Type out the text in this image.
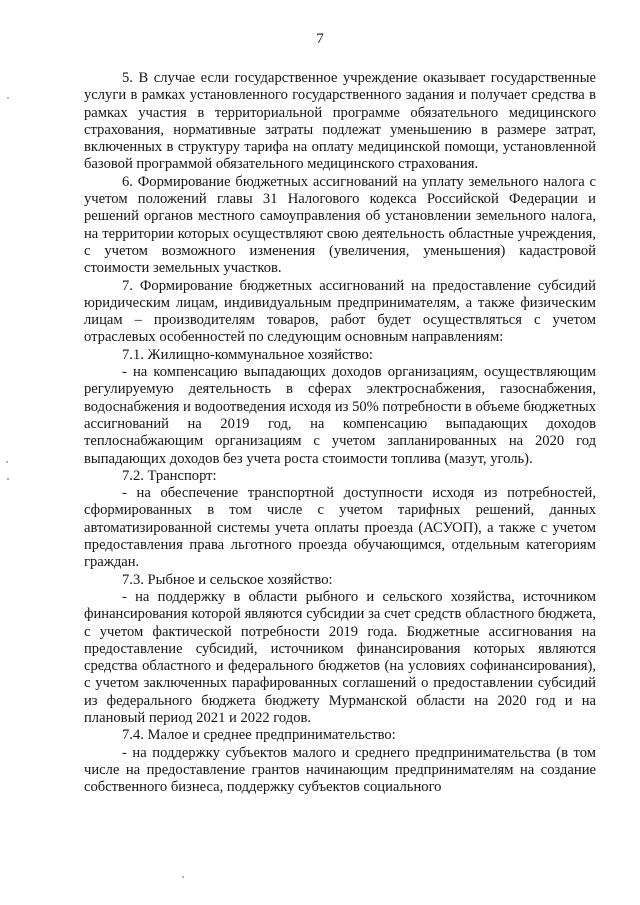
7

5. В случае если государственное учреждение оказывает государственные услуги в рамках установленного государственного задания и получает средства в рамках участия в территориальной программе обязательного медицинского страхования, нормативные затраты подлежат уменьшению в размере затрат, включенных в структуру тарифа на оплату медицинской помощи, установленной базовой программой обязательного медицинского страхования.

6. Формирование бюджетных ассигнований на уплату земельного налога с учетом положений главы 31 Налогового кодекса Российской Федерации и решений органов местного самоуправления об установлении земельного налога, на территории которых осуществляют свою деятельность областные учреждения, с учетом возможного изменения (увеличения, уменьшения) кадастровой стоимости земельных участков.

7. Формирование бюджетных ассигнований на предоставление субсидий юридическим лицам, индивидуальным предпринимателям, а также физическим лицам – производителям товаров, работ будет осуществляться с учетом отраслевых особенностей по следующим основным направлениям:

7.1. Жилищно-коммунальное хозяйство:

- на компенсацию выпадающих доходов организациям, осуществляющим регулируемую деятельность в сферах электроснабжения, газоснабжения, водоснабжения и водоотведения исходя из 50% потребности в объеме бюджетных ассигнований на 2019 год, на компенсацию выпадающих доходов теплоснабжающим организациям с учетом запланированных на 2020 год выпадающих доходов без учета роста стоимости топлива (мазут, уголь).

7.2. Транспорт:

- на обеспечение транспортной доступности исходя из потребностей, сформированных в том числе с учетом тарифных решений, данных автоматизированной системы учета оплаты проезда (АСУОП), а также с учетом предоставления права льготного проезда обучающимся, отдельным категориям граждан.

7.3. Рыбное и сельское хозяйство:

- на поддержку в области рыбного и сельского хозяйства, источником финансирования которой являются субсидии за счет средств областного бюджета, с учетом фактической потребности 2019 года. Бюджетные ассигнования на предоставление субсидий, источником финансирования которых являются средства областного и федерального бюджетов (на условиях софинансирования), с учетом заключенных парафированных соглашений о предоставлении субсидий из федерального бюджета бюджету Мурманской области на 2020 год и на плановый период 2021 и 2022 годов.

7.4. Малое и среднее предпринимательство:

- на поддержку субъектов малого и среднего предпринимательства (в том числе на предоставление грантов начинающим предпринимателям на создание собственного бизнеса, поддержку субъектов социального
